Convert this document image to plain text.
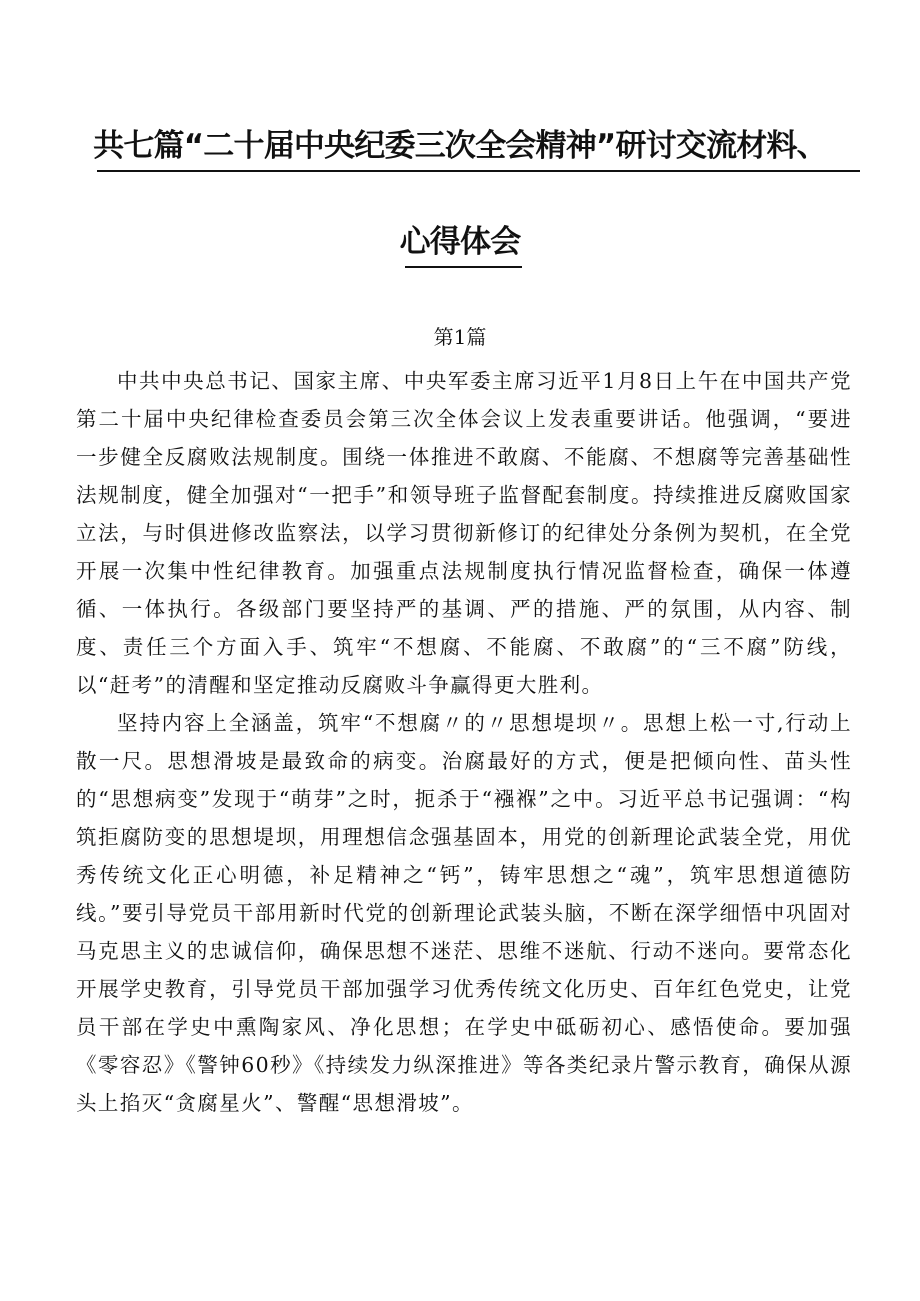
共七篇“二十届中央纪委三次全会精神”研讨交流材料、
心得体会
第1篇

中共中央总书记、国家主席、中央军委主席习近平1月8日上午在中国共产党第二十届中央纪律检查委员会第三次全体会议上发表重要讲话。他强调，“要进一步健全反腐败法规制度。围绕一体推进不敢腐、不能腐、不想腐等完善基础性法规制度，健全加强对“一把手”和领导班子监督配套制度。持续推进反腐败国家立法，与时俱进修改监察法，以学习贯彻新修订的纪律处分条例为契机，在全党开展一次集中性纪律教育。加强重点法规制度执行情况监督检查，确保一体遵循、一体执行。各级部门要坚持严的基调、严的措施、严的氛围，从内容、制度、责任三个方面入手、筑牢“不想腐、不能腐、不敢腐”的“三不腐”防线，以“赶考”的清醒和坚定推动反腐败斗争赢得更大胜利。

坚持内容上全涵盖，筑牢“不想腐〃的〃思想堤坝〃。思想上松一寸,行动上散一尺。思想滑坡是最致命的病变。治腐最好的方式，便是把倾向性、苗头性的“思想病变”发现于“萌芽”之时，扼杀于“襁褓”之中。习近平总书记强调：“构筑拒腐防变的思想堤坝，用理想信念强基固本，用党的创新理论武装全党，用优秀传统文化正心明德，补足精神之“钙”，铸牢思想之“魂”，筑牢思想道德防线。”要引导党员干部用新时代党的创新理论武装头脑，不断在深学细悟中巩固对马克思主义的忠诚信仰，确保思想不迷茫、思维不迷航、行动不迷向。要常态化开展学史教育，引导党员干部加强学习优秀传统文化历史、百年红色党史，让党员干部在学史中熏陶家风、净化思想；在学史中砥砺初心、感悟使命。要加强《零容忍》《警钟60秒》《持续发力纵深推进》等各类纪录片警示教育，确保从源头上掐灭“贪腐星火”、警醒“思想滑坡”。
